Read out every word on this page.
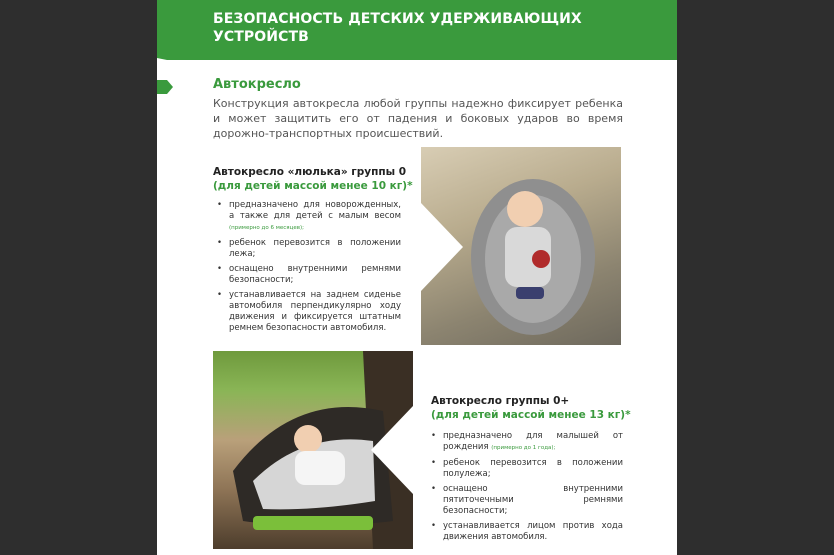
БЕЗОПАСНОСТЬ ДЕТСКИХ УДЕРЖИВАЮЩИХ УСТРОЙСТВ
Автокресло
Конструкция автокресла любой группы надежно фиксирует ребенка и может защитить его от падения и боковых ударов во время дорожно-транспортных происшествий.
Автокресло «люлька» группы 0
(для детей массой менее 10 кг)*
• предназначено для новорожденных, а также для детей с малым весом (примерно до 6 месяцев);
• ребенок перевозится в положении лежа;
• оснащено внутренними ремнями безопасности;
• устанавливается на заднем сиденье автомобиля перпендикулярно ходу движения и фиксируется штатным ремнем безопасности автомобиля.
Автокресло группы 0+
(для детей массой менее 13 кг)*
• предназначено для малышей от рождения (примерно до 1 года);
• ребенок перевозится в положении полулежа;
• оснащено внутренними пятиточечными ремнями безопасности;
• устанавливается лицом против хода движения автомобиля.
